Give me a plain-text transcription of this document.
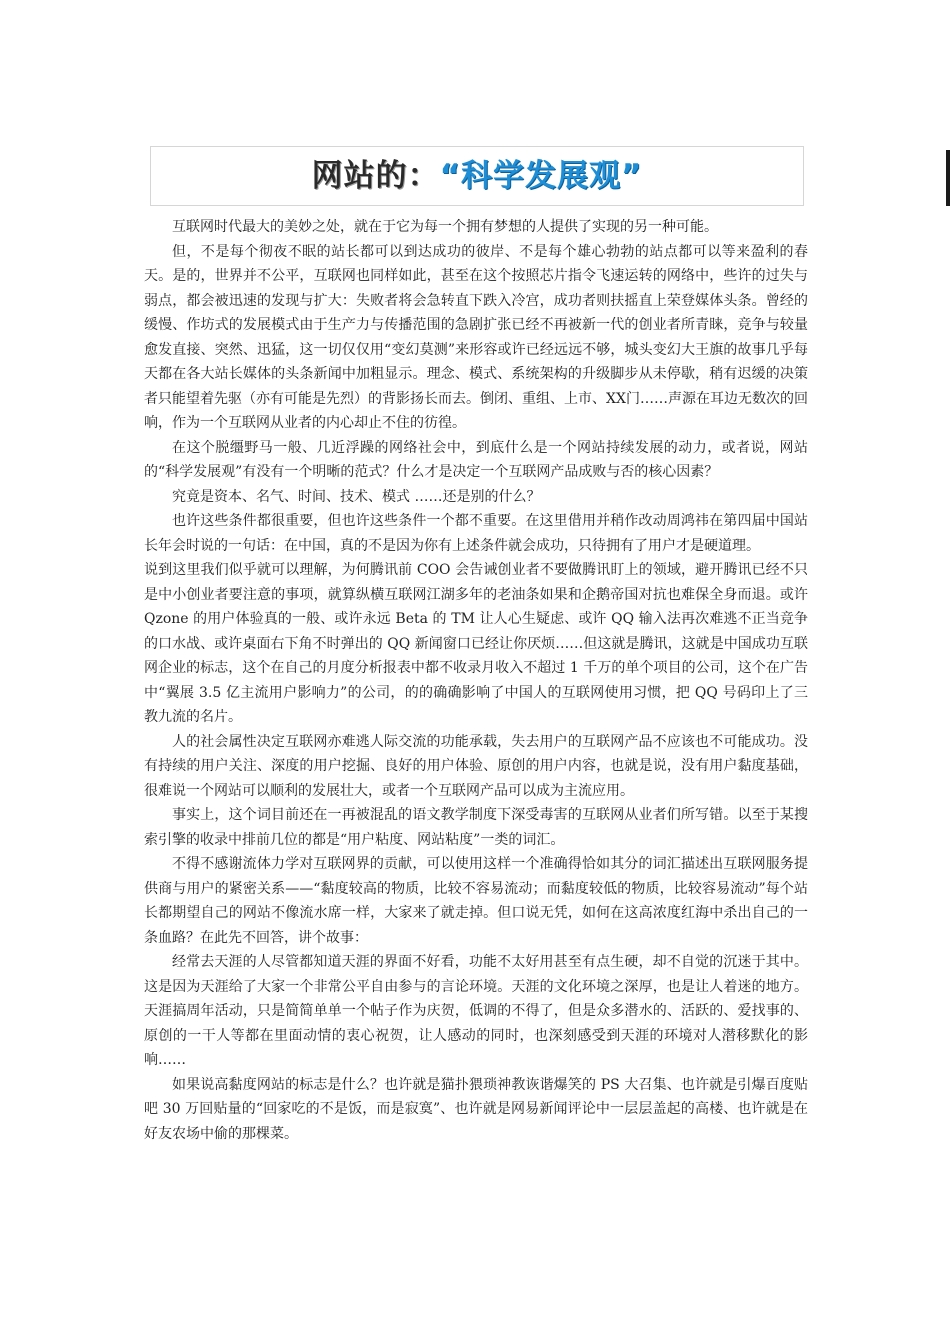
网站的：“科学发展观”

互联网时代最大的美妙之处，就在于它为每一个拥有梦想的人提供了实现的另一种可能。

但，不是每个彻夜不眠的站长都可以到达成功的彼岸、不是每个雄心勃勃的站点都可以等来盈利的春天。是的，世界并不公平，互联网也同样如此，甚至在这个按照芯片指令飞速运转的网络中，些许的过失与弱点，都会被迅速的发现与扩大：失败者将会急转直下跌入冷宫，成功者则扶摇直上荣登媒体头条。曾经的缓慢、作坊式的发展模式由于生产力与传播范围的急剧扩张已经不再被新一代的创业者所青睐，竞争与较量愈发直接、突然、迅猛，这一切仅仅用“变幻莫测”来形容或许已经远远不够，城头变幻大王旗的故事几乎每天都在各大站长媒体的头条新闻中加粗显示。理念、模式、系统架构的升级脚步从未停歇，稍有迟缓的决策者只能望着先驱（亦有可能是先烈）的背影扬长而去。倒闭、重组、上市、XX门……声源在耳边无数次的回响，作为一个互联网从业者的内心却止不住的彷徨。

在这个脱缰野马一般、几近浮躁的网络社会中，到底什么是一个网站持续发展的动力，或者说，网站的“科学发展观”有没有一个明晰的范式？什么才是决定一个互联网产品成败与否的核心因素？

究竟是资本、名气、时间、技术、模式 ……还是别的什么？

也许这些条件都很重要，但也许这些条件一个都不重要。在这里借用并稍作改动周鸿祎在第四届中国站长年会时说的一句话：在中国，真的不是因为你有上述条件就会成功，只待拥有了用户才是硬道理。

说到这里我们似乎就可以理解，为何腾讯前 COO 会告诫创业者不要做腾讯盯上的领域，避开腾讯已经不只是中小创业者要注意的事项，就算纵横互联网江湖多年的老油条如果和企鹅帝国对抗也难保全身而退。或许 Qzone 的用户体验真的一般、或许永远 Beta 的 TM 让人心生疑虑、或许 QQ 输入法再次难逃不正当竞争的口水战、或许桌面右下角不时弹出的 QQ 新闻窗口已经让你厌烦……但这就是腾讯，这就是中国成功互联网企业的标志，这个在自己的月度分析报表中都不收录月收入不超过 1 千万的单个项目的公司，这个在广告中“翼展 3.5 亿主流用户影响力”的公司，的的确确影响了中国人的互联网使用习惯，把 QQ 号码印上了三教九流的名片。

人的社会属性决定互联网亦难逃人际交流的功能承载，失去用户的互联网产品不应该也不可能成功。没有持续的用户关注、深度的用户挖掘、良好的用户体验、原创的用户内容，也就是说，没有用户黏度基础，很难说一个网站可以顺利的发展壮大，或者一个互联网产品可以成为主流应用。

事实上，这个词目前还在一再被混乱的语文教学制度下深受毒害的互联网从业者们所写错。以至于某搜索引擎的收录中排前几位的都是“用户粘度、网站粘度”一类的词汇。

不得不感谢流体力学对互联网界的贡献，可以使用这样一个准确得恰如其分的词汇描述出互联网服务提供商与用户的紧密关系——“黏度较高的物质，比较不容易流动；而黏度较低的物质，比较容易流动”每个站长都期望自己的网站不像流水席一样，大家来了就走掉。但口说无凭，如何在这高浓度红海中杀出自己的一条血路？在此先不回答，讲个故事：

经常去天涯的人尽管都知道天涯的界面不好看，功能不太好用甚至有点生硬，却不自觉的沉迷于其中。这是因为天涯给了大家一个非常公平自由参与的言论环境。天涯的文化环境之深厚，也是让人着迷的地方。天涯搞周年活动，只是简简单单一个帖子作为庆贺，低调的不得了，但是众多潜水的、活跃的、爱找事的、原创的一干人等都在里面动情的衷心祝贺，让人感动的同时，也深刻感受到天涯的环境对人潜移默化的影响……

如果说高黏度网站的标志是什么？也许就是猫扑猥琐神教诙谐爆笑的 PS 大召集、也许就是引爆百度贴吧 30 万回贴量的“回家吃的不是饭，而是寂寞”、也许就是网易新闻评论中一层层盖起的高楼、也许就是在好友农场中偷的那棵菜。
